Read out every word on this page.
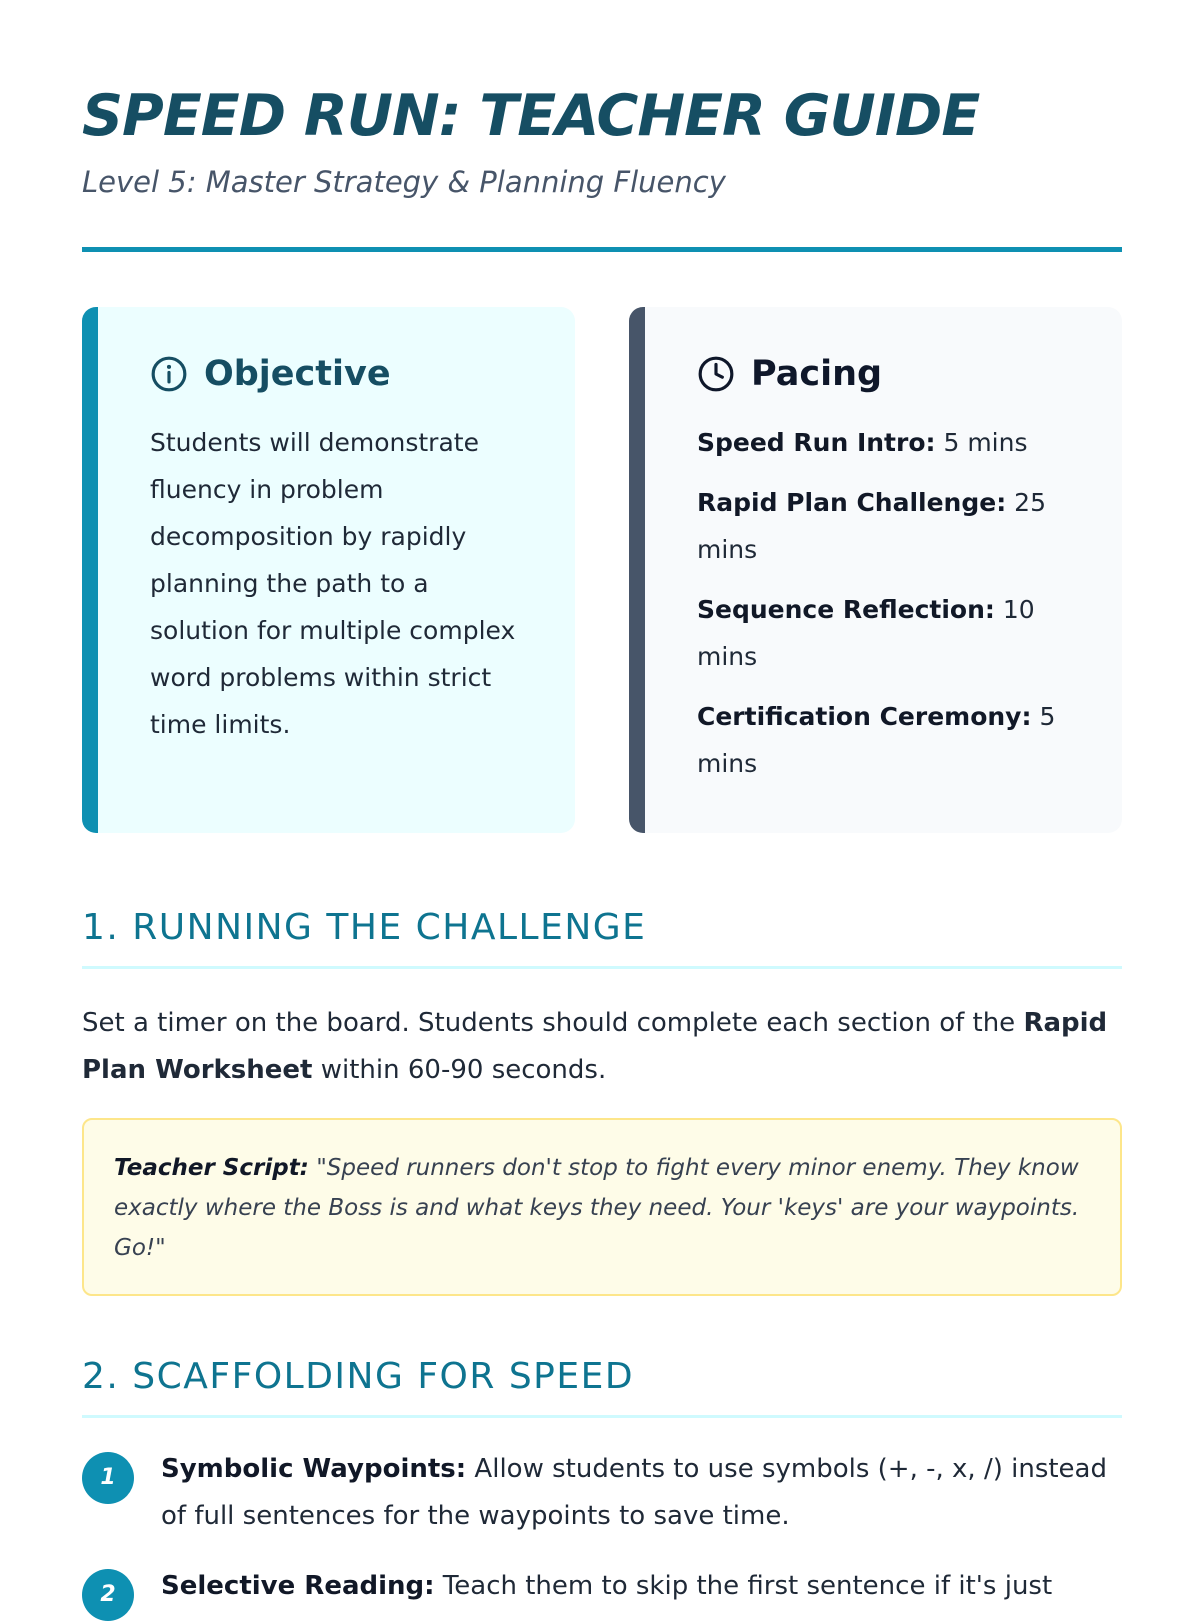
SPEED RUN: TEACHER GUIDE
Level 5: Master Strategy & Planning Fluency
Objective
Students will demonstrate fluency in problem decomposition by rapidly planning the path to a solution for multiple complex word problems within strict time limits.
Pacing
Speed Run Intro: 5 mins
Rapid Plan Challenge: 25 mins
Sequence Reflection: 10 mins
Certification Ceremony: 5 mins
1. RUNNING THE CHALLENGE
Set a timer on the board. Students should complete each section of the Rapid Plan Worksheet within 60-90 seconds.
Teacher Script: "Speed runners don't stop to fight every minor enemy. They know exactly where the Boss is and what keys they need. Your 'keys' are your waypoints. Go!"
2. SCAFFOLDING FOR SPEED
1	Symbolic Waypoints: Allow students to use symbols (+, -, x, /) instead of full sentences for the waypoints to save time.
2	Selective Reading: Teach them to skip the first sentence if it's just
